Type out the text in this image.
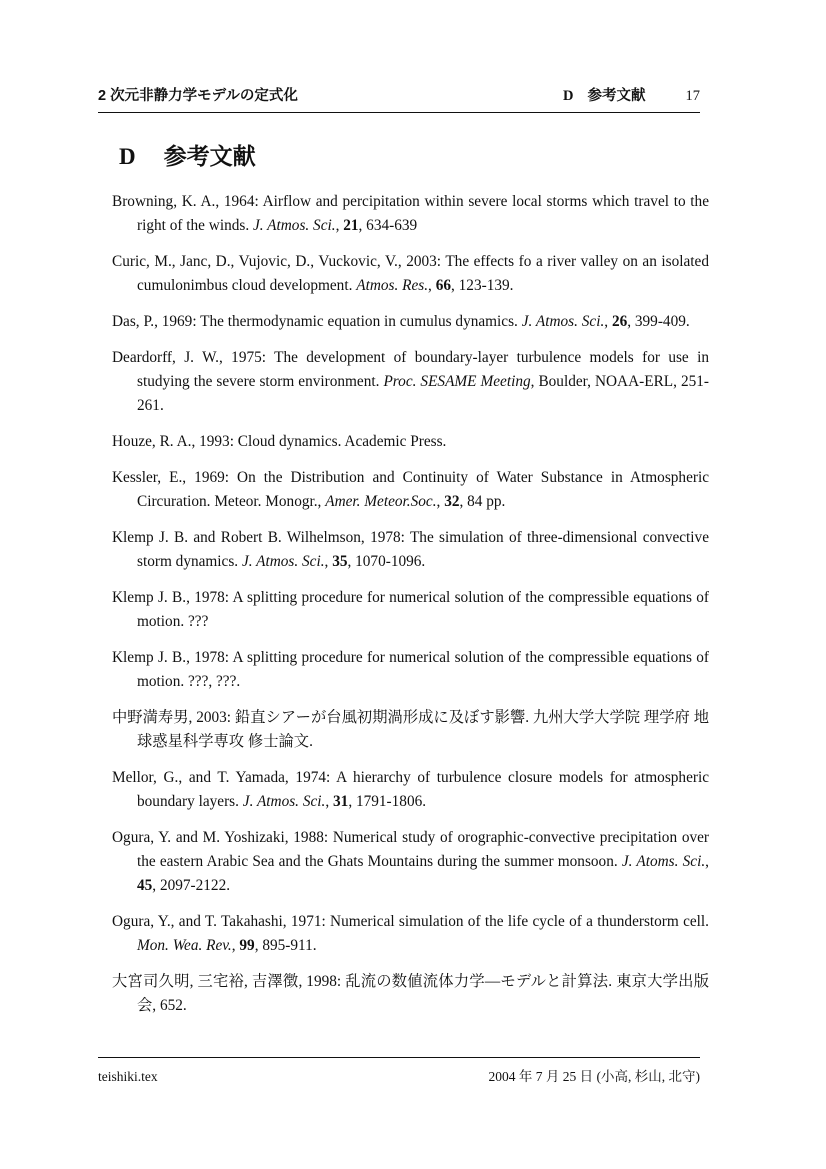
2 次元非静力学モデルの定式化	D 参考文献	17
D 参考文献

Browning, K. A., 1964: Airflow and percipitation within severe local storms which travel to the right of the winds. J. Atmos. Sci., 21, 634-639

Curic, M., Janc, D., Vujovic, D., Vuckovic, V., 2003: The effects fo a river valley on an isolated cumulonimbus cloud development. Atmos. Res., 66, 123-139.

Das, P., 1969: The thermodynamic equation in cumulus dynamics. J. Atmos. Sci., 26, 399-409.

Deardorff, J. W., 1975: The development of boundary-layer turbulence models for use in studying the severe storm environment. Proc. SESAME Meeting, Boulder, NOAA-ERL, 251-261.

Houze, R. A., 1993: Cloud dynamics. Academic Press.

Kessler, E., 1969: On the Distribution and Continuity of Water Substance in Atmospheric Circuration. Meteor. Monogr., Amer. Meteor.Soc., 32, 84 pp.

Klemp J. B. and Robert B. Wilhelmson, 1978: The simulation of three-dimensional convective storm dynamics. J. Atmos. Sci., 35, 1070-1096.

Klemp J. B., 1978: A splitting procedure for numerical solution of the compressible equations of motion. ???

Klemp J. B., 1978: A splitting procedure for numerical solution of the compressible equations of motion. ???, ???.

中野満寿男, 2003: 鉛直シアーが台風初期渦形成に及ぼす影響. 九州大学大学院 理学府 地球惑星科学専攻 修士論文.

Mellor, G., and T. Yamada, 1974: A hierarchy of turbulence closure models for atmospheric boundary layers. J. Atmos. Sci., 31, 1791-1806.

Ogura, Y. and M. Yoshizaki, 1988: Numerical study of orographic-convective precipitation over the eastern Arabic Sea and the Ghats Mountains during the summer monsoon. J. Atoms. Sci., 45, 2097-2122.

Ogura, Y., and T. Takahashi, 1971: Numerical simulation of the life cycle of a thunderstorm cell. Mon. Wea. Rev., 99, 895-911.

大宮司久明, 三宅裕, 吉澤徴, 1998: 乱流の数値流体力学—モデルと計算法. 東京大学出版会, 652.

teishiki.tex	2004 年 7 月 25 日 (小高, 杉山, 北守)
